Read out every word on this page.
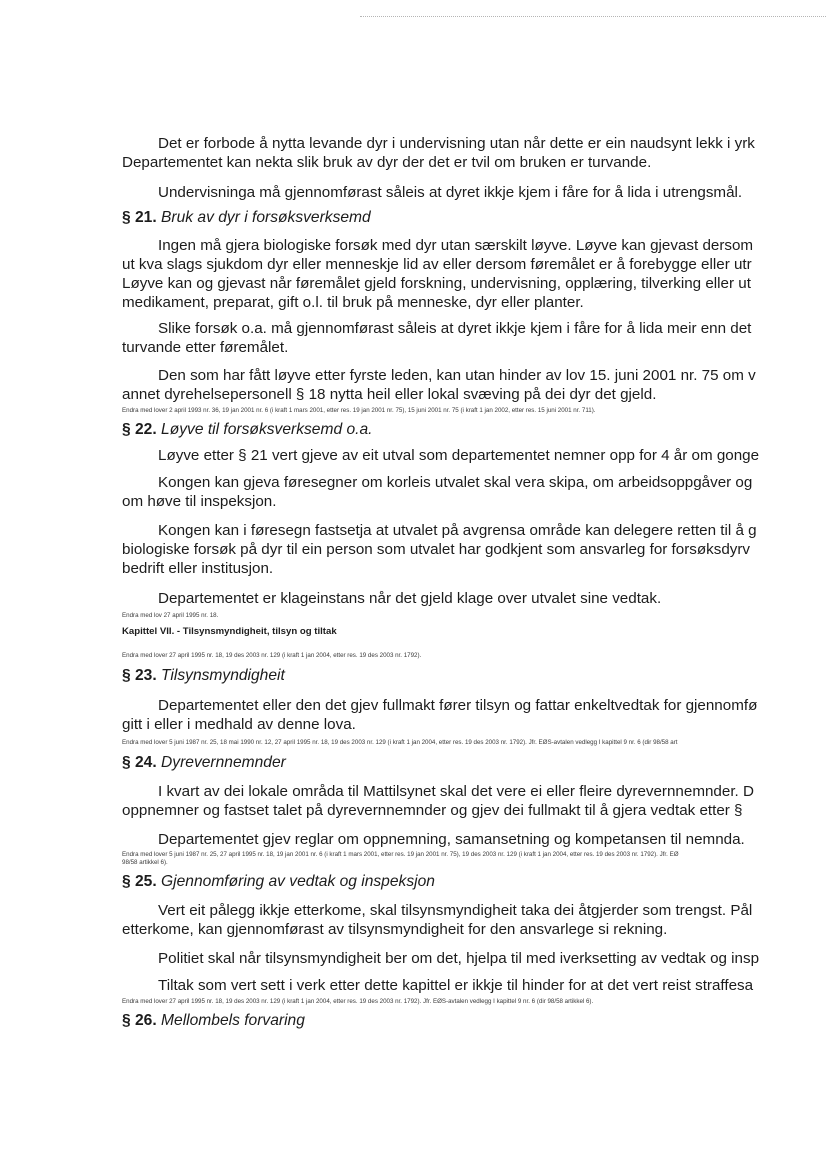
Det er forbode å nytta levande dyr i undervisning utan når dette er ein naudsynt lekk i yrk
Departementet kan nekta slik bruk av dyr der det er tvil om bruken er turvande.
Undervisninga må gjennomførast såleis at dyret ikkje kjem i fåre for å lida i utrengsmål.
§ 21. Bruk av dyr i forsøksverksemd
Ingen må gjera biologiske forsøk med dyr utan særskilt løyve. Løyve kan gjevast dersom
ut kva slags sjukdom dyr eller menneskje lid av eller dersom føremålet er å forebygge eller utr
Løyve kan og gjevast når føremålet gjeld forskning, undervisning, opplæring, tilverking eller ut
medikament, preparat, gift o.l. til bruk på menneske, dyr eller planter.
Slike forsøk o.a. må gjennomførast såleis at dyret ikkje kjem i fåre for å lida meir enn det
turvande etter føremålet.
Den som har fått løyve etter fyrste leden, kan utan hinder av lov 15. juni 2001 nr. 75 om v
annet dyrehelsepersonell § 18 nytta heil eller lokal svæving på dei dyr det gjeld.
Endra med lover 2 april 1993 nr. 36, 19 jan 2001 nr. 6 (i kraft 1 mars 2001, etter res. 19 jan 2001 nr. 75), 15 juni 2001 nr. 75 (i kraft 1 jan 2002, etter res. 15 juni 2001 nr. 711).
§ 22. Løyve til forsøksverksemd o.a.
Løyve etter § 21 vert gjeve av eit utval som departementet nemner opp for 4 år om gonge
Kongen kan gjeva føresegner om korleis utvalet skal vera skipa, om arbeidsoppgåver og
om høve til inspeksjon.
Kongen kan i føresegn fastsetja at utvalet på avgrensa område kan delegere retten til å g
biologiske forsøk på dyr til ein person som utvalet har godkjent som ansvarleg for forsøksdyrv
bedrift eller institusjon.
Departementet er klageinstans når det gjeld klage over utvalet sine vedtak.
Endra med lov 27 april 1995 nr. 18.
Kapittel VII. - Tilsynsmyndigheit, tilsyn og tiltak
Endra med lover 27 april 1995 nr. 18, 19 des 2003 nr. 129 (i kraft 1 jan 2004, etter res. 19 des 2003 nr. 1792).
§ 23. Tilsynsmyndigheit
Departementet eller den det gjev fullmakt fører tilsyn og fattar enkeltvedtak for gjennomfø
gitt i eller i medhald av denne lova.
Endra med lover 5 juni 1987 nr. 25, 18 mai 1990 nr. 12, 27 april 1995 nr. 18, 19 des 2003 nr. 129 (i kraft 1 jan 2004, etter res. 19 des 2003 nr. 1792). Jfr. EØS-avtalen vedlegg I kapittel 9 nr. 6 (dir 98/58 art
§ 24. Dyrevernnemnder
I kvart av dei lokale områda til Mattilsynet skal det vere ei eller fleire dyrevernnemnder. D
oppnemner og fastset talet på dyrevernnemnder og gjev dei fullmakt til å gjera vedtak etter §
Departementet gjev reglar om oppnemning, samansetning og kompetansen til nemnda.
Endra med lover 5 juni 1987 nr. 25, 27 april 1995 nr. 18, 19 jan 2001 nr. 6 (i kraft 1 mars 2001, etter res. 19 jan 2001 nr. 75), 19 des 2003 nr. 129 (i kraft 1 jan 2004, etter res. 19 des 2003 nr. 1792). Jfr. EØ
98/58 artikkel 6).
§ 25. Gjennomføring av vedtak og inspeksjon
Vert eit pålegg ikkje etterkome, skal tilsynsmyndigheit taka dei åtgjerder som trengst. Pål
etterkome, kan gjennomførast av tilsynsmyndigheit for den ansvarlege si rekning.
Politiet skal når tilsynsmyndigheit ber om det, hjelpa til med iverksetting av vedtak og insp
Tiltak som vert sett i verk etter dette kapittel er ikkje til hinder for at det vert reist straffesa
Endra med lover 27 april 1995 nr. 18, 19 des 2003 nr. 129 (i kraft 1 jan 2004, etter res. 19 des 2003 nr. 1792). Jfr. EØS-avtalen vedlegg I kapittel 9 nr. 6 (dir 98/58 artikkel 6).
§ 26. Mellombels forvaring
